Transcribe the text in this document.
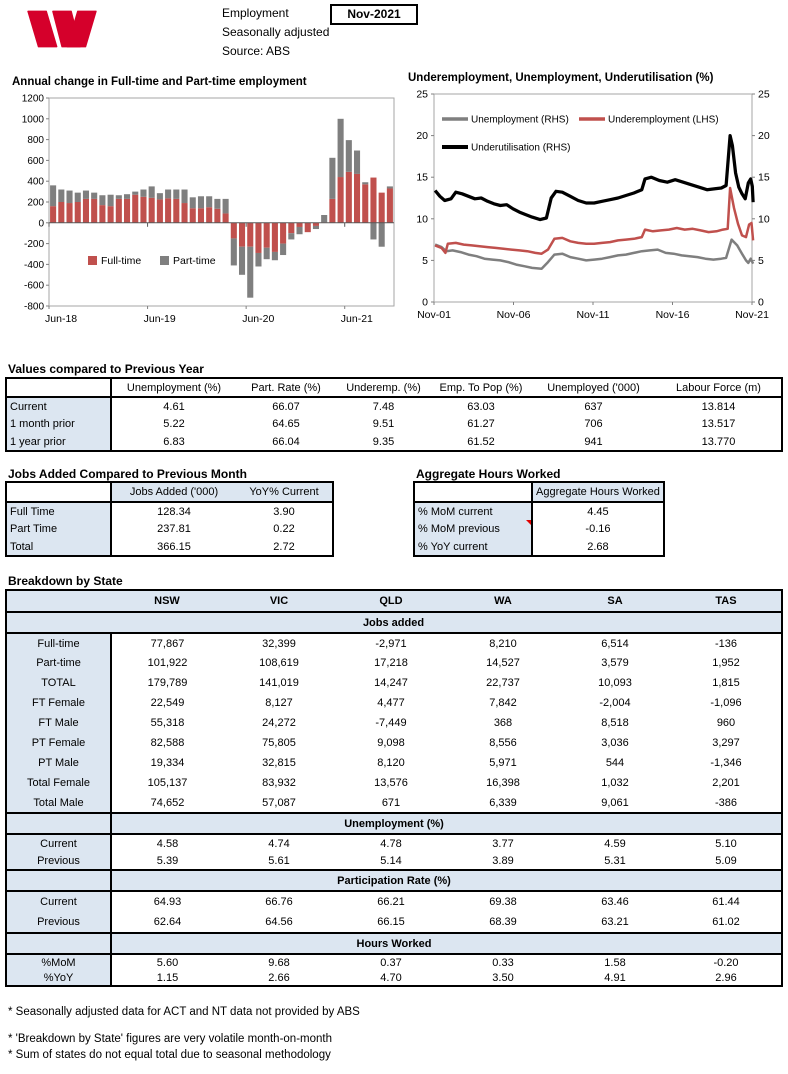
Employment
Seasonally adjusted
Source: ABS
Nov-2021
Annual change in Full-time and Part-time employment
-800
-600
-400
-200
0
200
400
600
800
1000
1200
Jun-18	Jun-19	Jun-20	Jun-21
Full-time	Part-time
Underemployment, Unemployment, Underutilisation (%)
0	0
5	5
10	10
15	15
20	20
25	25
Nov-01	Nov-06	Nov-11	Nov-16	Nov-21
Unemployment (RHS)	Underemployment (LHS)
Underutilisation (RHS)
Values compared to Previous Year
	Unemployment (%)	Part. Rate (%)	Underemp. (%)	Emp. To Pop (%)	Unemployed ('000)	Labour Force (m)
Current	4.61	66.07	7.48	63.03	637	13.814
1 month prior	5.22	64.65	9.51	61.27	706	13.517
1 year prior	6.83	66.04	9.35	61.52	941	13.770
Jobs Added Compared to Previous Month
	Jobs Added ('000)	YoY% Current
Full Time	128.34	3.90
Part Time	237.81	0.22
Total	366.15	2.72
Aggregate Hours Worked
	Aggregate Hours Worked
% MoM current	4.45
% MoM previous	-0.16
% YoY current	2.68
Breakdown by State
	NSW	VIC	QLD	WA	SA	TAS

	Jobs added					

Full-time	77,867	32,399	-2,971	8,210	6,514	-136
Part-time	101,922	108,619	17,218	14,527	3,579	1,952
TOTAL	179,789	141,019	14,247	22,737	10,093	1,815
FT Female	22,549	8,127	4,477	7,842	-2,004	-1,096
FT Male	55,318	24,272	-7,449	368	8,518	960
PT Female	82,588	75,805	9,098	8,556	3,036	3,297
PT Male	19,334	32,815	8,120	5,971	544	-1,346
Total Female	105,137	83,932	13,576	16,398	1,032	2,201
Total Male	74,652	57,087	671	6,339	9,061	-386

	Unemployment (%)					

Current	4.58	4.74	4.78	3.77	4.59	5.10
Previous	5.39	5.61	5.14	3.89	5.31	5.09

	Participation Rate (%)					

Current	64.93	66.76	66.21	69.38	63.46	61.44
Previous	62.64	64.56	66.15	68.39	63.21	61.02

	Hours Worked					

%MoM	5.60	9.68	0.37	0.33	1.58	-0.20
%YoY	1.15	2.66	4.70	3.50	4.91	2.96
* Seasonally adjusted data for ACT and NT data not provided by ABS
* 'Breakdown by State' figures are very volatile month-on-month
* Sum of states do not equal total due to seasonal methodology
